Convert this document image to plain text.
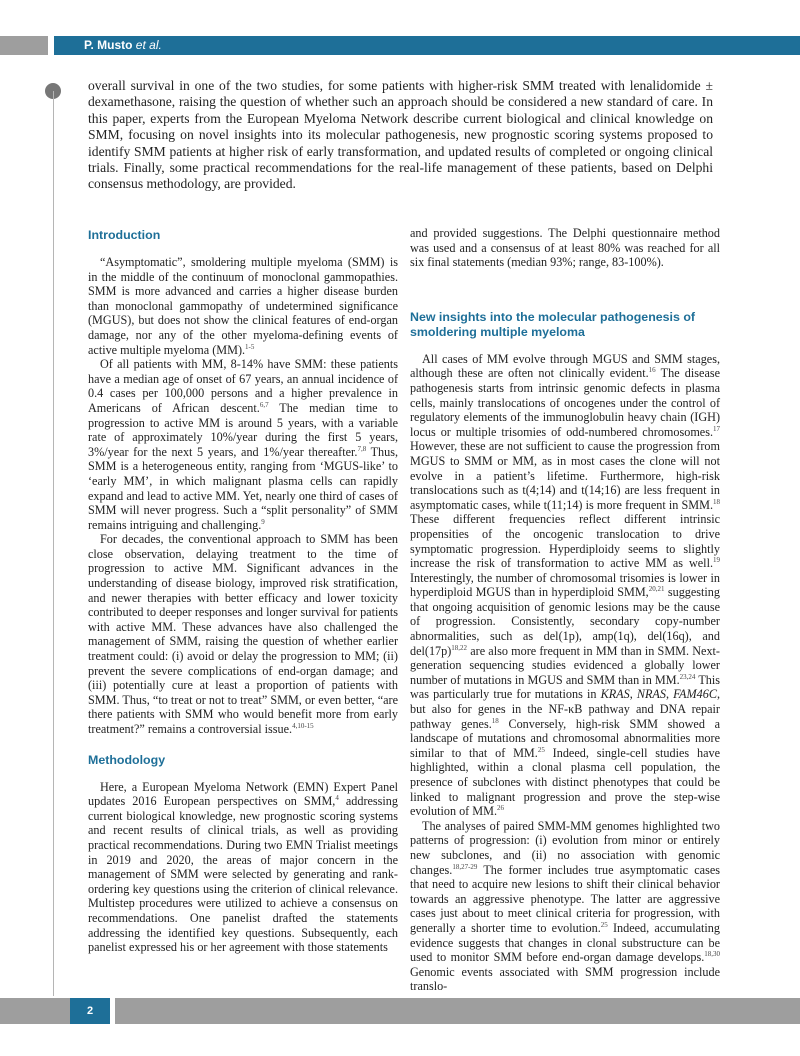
P. Musto et al.

overall survival in one of the two studies, for some patients with higher-risk SMM treated with lenalidomide ± dexamethasone, raising the question of whether such an approach should be considered a new standard of care. In this paper, experts from the European Myeloma Network describe current biological and clinical knowledge on SMM, focusing on novel insights into its molecular pathogenesis, new prognostic scoring systems proposed to identify SMM patients at higher risk of early transformation, and updated results of completed or ongoing clinical trials. Finally, some practical recommendations for the real-life management of these patients, based on Delphi consensus methodology, are provided.

Introduction

“Asymptomatic”, smoldering multiple myeloma (SMM) is in the middle of the continuum of monoclonal gammopathies. SMM is more advanced and carries a higher disease burden than monoclonal gammopathy of undetermined significance (MGUS), but does not show the clinical features of end-organ damage, nor any of the other myeloma-defining events of active multiple myeloma (MM).$^{1-5}$

Of all patients with MM, 8-14% have SMM: these patients have a median age of onset of 67 years, an annual incidence of 0.4 cases per 100,000 persons and a higher prevalence in Americans of African descent.$^{6,7}$ The median time to progression to active MM is around 5 years, with a variable rate of approximately 10%/year during the first 5 years, 3%/year for the next 5 years, and 1%/year thereafter.$^{7,8}$ Thus, SMM is a heterogeneous entity, ranging from ‘MGUS-like’ to ‘early MM’, in which malignant plasma cells can rapidly expand and lead to active MM. Yet, nearly one third of cases of SMM will never progress. Such a “split personality” of SMM remains intriguing and challenging.$^9$

For decades, the conventional approach to SMM has been close observation, delaying treatment to the time of progression to active MM. Significant advances in the understanding of disease biology, improved risk stratification, and newer therapies with better efficacy and lower toxicity contributed to deeper responses and longer survival for patients with active MM. These advances have also challenged the management of SMM, raising the question of whether earlier treatment could: (i) avoid or delay the progression to MM; (ii) prevent the severe complications of end-organ damage; and (iii) potentially cure at least a proportion of patients with SMM. Thus, “to treat or not to treat” SMM, or even better, “are there patients with SMM who would benefit more from early treatment?” remains a controversial issue.$^{4,10-15}$

Methodology

Here, a European Myeloma Network (EMN) Expert Panel updates 2016 European perspectives on SMM,$^4$ addressing current biological knowledge, new prognostic scoring systems and recent results of clinical trials, as well as providing practical recommendations. During two EMN Trialist meetings in 2019 and 2020, the areas of major concern in the management of SMM were selected by generating and rank-ordering key questions using the criterion of clinical relevance. Multistep procedures were utilized to achieve a consensus on recommendations. One panelist drafted the statements addressing the identified key questions. Subsequently, each panelist expressed his or her agreement with those statements

and provided suggestions. The Delphi questionnaire method was used and a consensus of at least 80% was reached for all six final statements (median 93%; range, 83-100%).

New insights into the molecular pathogenesis of smoldering multiple myeloma

All cases of MM evolve through MGUS and SMM stages, although these are often not clinically evident.$^{16}$ The disease pathogenesis starts from intrinsic genomic defects in plasma cells, mainly translocations of oncogenes under the control of regulatory elements of the immunoglobulin heavy chain (IGH) locus or multiple trisomies of odd-numbered chromosomes.$^{17}$ However, these are not sufficient to cause the progression from MGUS to SMM or MM, as in most cases the clone will not evolve in a patient’s lifetime. Furthermore, high-risk translocations such as t(4;14) and t(14;16) are less frequent in asymptomatic cases, while t(11;14) is more frequent in SMM.$^{18}$ These different frequencies reflect different intrinsic propensities of the oncogenic translocation to drive symptomatic progression. Hyperdiploidy seems to slightly increase the risk of transformation to active MM as well.$^{19}$ Interestingly, the number of chromosomal trisomies is lower in hyperdiploid MGUS than in hyperdiploid SMM,$^{20,21}$ suggesting that ongoing acquisition of genomic lesions may be the cause of progression. Consistently, secondary copy-number abnormalities, such as del(1p), amp(1q), del(16q), and $del(17p)^{18,22}$ are also more frequent in MM than in SMM. Next-generation sequencing studies evidenced a globally lower number of mutations in MGUS and SMM than in MM.$^{23,24}$ This was particularly true for mutations in KRAS, NRAS, FAM46C, but also for genes in the NF-κB pathway and DNA repair pathway genes.$^{18}$ Conversely, high-risk SMM showed a landscape of mutations and chromosomal abnormalities more similar to that of MM.$^{25}$ Indeed, single-cell studies have highlighted, within a clonal plasma cell population, the presence of subclones with distinct phenotypes that could be linked to malignant progression and prove the step-wise evolution of MM.$^{26}$

The analyses of paired SMM-MM genomes highlighted two patterns of progression: (i) evolution from minor or entirely new subclones, and (ii) no association with genomic changes.$^{18,27-29}$ The former includes true asymptomatic cases that need to acquire new lesions to shift their clinical behavior towards an aggressive phenotype. The latter are aggressive cases just about to meet clinical criteria for progression, with generally a shorter time to evolution.$^{25}$ Indeed, accumulating evidence suggests that changes in clonal substructure can be used to monitor SMM before end-organ damage develops.$^{18,30}$ Genomic events associated with SMM progression include translo-

2
